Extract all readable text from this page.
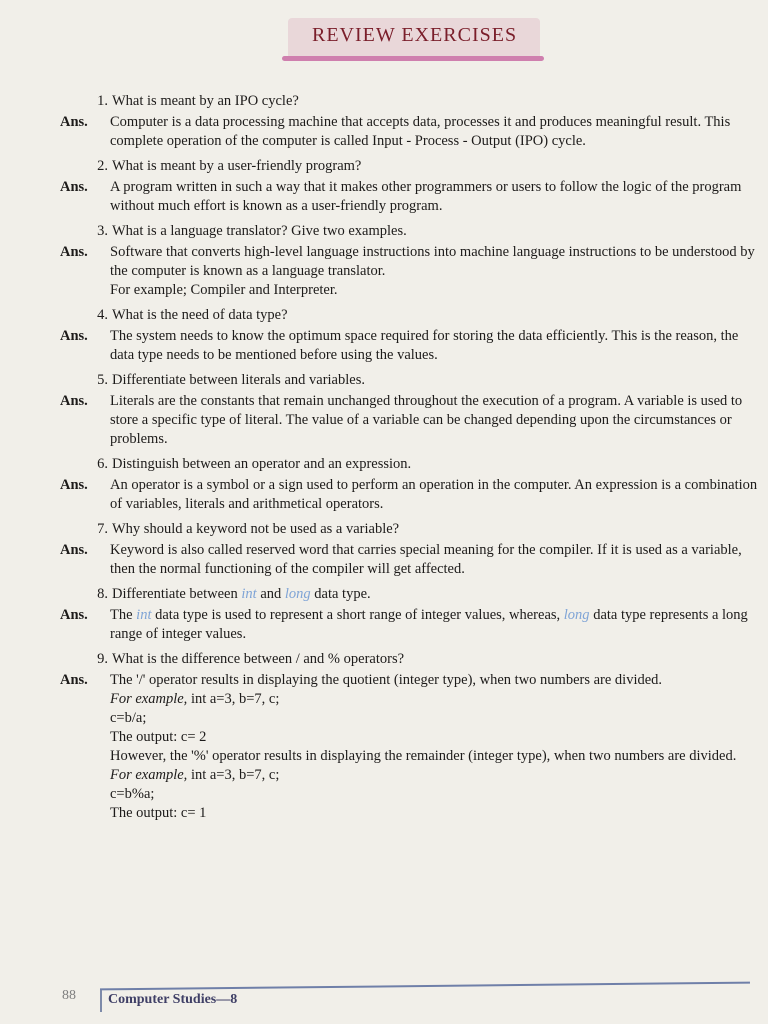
REVIEW EXERCISES
1. What is meant by an IPO cycle?
Ans.	Computer is a data processing machine that accepts data, processes it and produces meaningful result. This complete operation of the computer is called Input - Process - Output (IPO) cycle.

2. What is meant by a user-friendly program?
Ans.	A program written in such a way that it makes other programmers or users to follow the logic of the program without much effort is known as a user-friendly program.

3. What is a language translator? Give two examples.
Ans.	Software that converts high-level language instructions into machine language instructions to be understood by the computer is known as a language translator.

For example; Compiler and Interpreter.

4. What is the need of data type?
Ans.	The system needs to know the optimum space required for storing the data efficiently. This is the reason, the data type needs to be mentioned before using the values.

5. Differentiate between literals and variables.
Ans.	Literals are the constants that remain unchanged throughout the execution of a program. A variable is used to store a specific type of literal. The value of a variable can be changed depending upon the circumstances or problems.

6. Distinguish between an operator and an expression.
Ans.	An operator is a symbol or a sign used to perform an operation in the computer. An expression is a combination of variables, literals and arithmetical operators.

7. Why should a keyword not be used as a variable?
Ans.	Keyword is also called reserved word that carries special meaning for the compiler. If it is used as a variable, then the normal functioning of the compiler will get affected.

8. Differentiate between int and long data type.
Ans.	The int data type is used to represent a short range of integer values, whereas, long data type represents a long range of integer values.

9. What is the difference between / and % operators?
Ans.	The '/' operator results in displaying the quotient (integer type), when two numbers are divided.

For example, int a=3, b=7, c;

c=b/a;

The output: c= 2

However, the '%' operator results in displaying the remainder (integer type), when two numbers are divided.

For example, int a=3, b=7, c;

c=b%a;

The output: c= 1

88 Computer Studies—8
